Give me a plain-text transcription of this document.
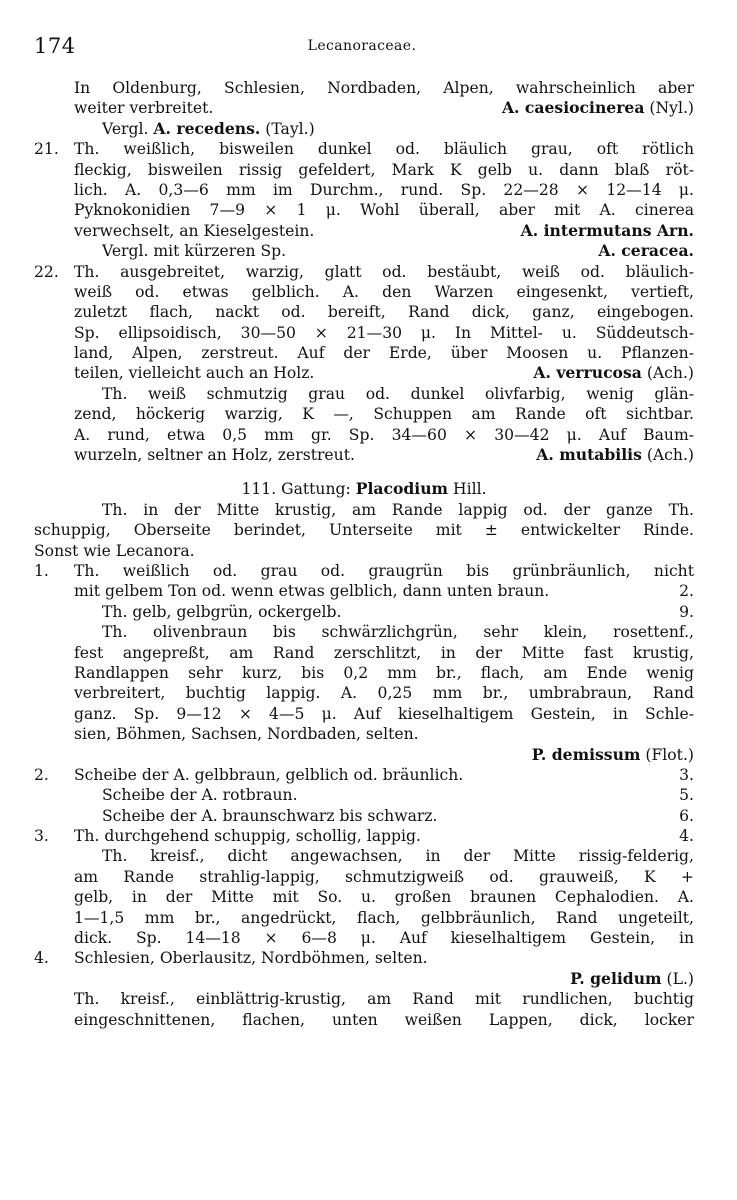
174	Lecanoraceae.
In Oldenburg, Schlesien, Nordbaden, Alpen, wahrscheinlich aber
weiter verbreitet.	A. caesiocinerea (Nyl.)
Vergl. A. recedens. (Tayl.)
21. Th. weißlich, bisweilen dunkel od. bläulich grau, oft rötlich
fleckig, bisweilen rissig gefeldert, Mark K gelb u. dann blaß röt-
lich. A. 0,3—6 mm im Durchm., rund. Sp. 22—28 × 12—14 μ.
Pyknokonidien 7—9 × 1 μ. Wohl überall, aber mit A. cinerea
verwechselt, an Kieselgestein.	A. intermutans Arn.
Vergl. mit kürzeren Sp.	A. ceracea.
22. Th. ausgebreitet, warzig, glatt od. bestäubt, weiß od. bläulich-
weiß od. etwas gelblich. A. den Warzen eingesenkt, vertieft,
zuletzt flach, nackt od. bereift, Rand dick, ganz, eingebogen.
Sp. ellipsoidisch, 30—50 × 21—30 μ. In Mittel- u. Süddeutsch-
land, Alpen, zerstreut. Auf der Erde, über Moosen u. Pflanzen-
teilen, vielleicht auch an Holz.	A. verrucosa (Ach.)
Th. weiß schmutzig grau od. dunkel olivfarbig, wenig glän-
zend, höckerig warzig, K —, Schuppen am Rande oft sichtbar.
A. rund, etwa 0,5 mm gr. Sp. 34—60 × 30—42 μ. Auf Baum-
wurzeln, seltner an Holz, zerstreut.	A. mutabilis (Ach.)
111. Gattung: Placodium Hill.
Th. in der Mitte krustig, am Rande lappig od. der ganze Th.
schuppig, Oberseite berindet, Unterseite mit ± entwickelter Rinde.
Sonst wie Lecanora.
1. Th. weißlich od. grau od. graugrün bis grünbräunlich, nicht
mit gelbem Ton od. wenn etwas gelblich, dann unten braun.	2.
Th. gelb, gelbgrün, ockergelb.	9.
Th. olivenbraun bis schwärzlichgrün, sehr klein, rosettenf.,
fest angepreßt, am Rand zerschlitzt, in der Mitte fast krustig,
Randlappen sehr kurz, bis 0,2 mm br., flach, am Ende wenig
verbreitert, buchtig lappig. A. 0,25 mm br., umbrabraun, Rand
ganz. Sp. 9—12 × 4—5 μ. Auf kieselhaltigem Gestein, in Schle-
sien, Böhmen, Sachsen, Nordbaden, selten.
P. demissum (Flot.)
2. Scheibe der A. gelbbraun, gelblich od. bräunlich.	3.
Scheibe der A. rotbraun.	5.
Scheibe der A. braunschwarz bis schwarz.	6.
3. Th. durchgehend schuppig, schollig, lappig.	4.
Th. kreisf., dicht angewachsen, in der Mitte rissig-felderig,
am Rande strahlig-lappig, schmutzigweiß od. grauweiß, K +
gelb, in der Mitte mit So. u. großen braunen Cephalodien. A.
1—1,5 mm br., angedrückt, flach, gelbbräunlich, Rand ungeteilt,
dick. Sp. 14—18 × 6—8 μ. Auf kieselhaltigem Gestein, in
4. Schlesien, Oberlausitz, Nordböhmen, selten.
P. gelidum (L.)
Th. kreisf., einblättrig-krustig, am Rand mit rundlichen, buchtig
eingeschnittenen, flachen, unten weißen Lappen, dick, locker
